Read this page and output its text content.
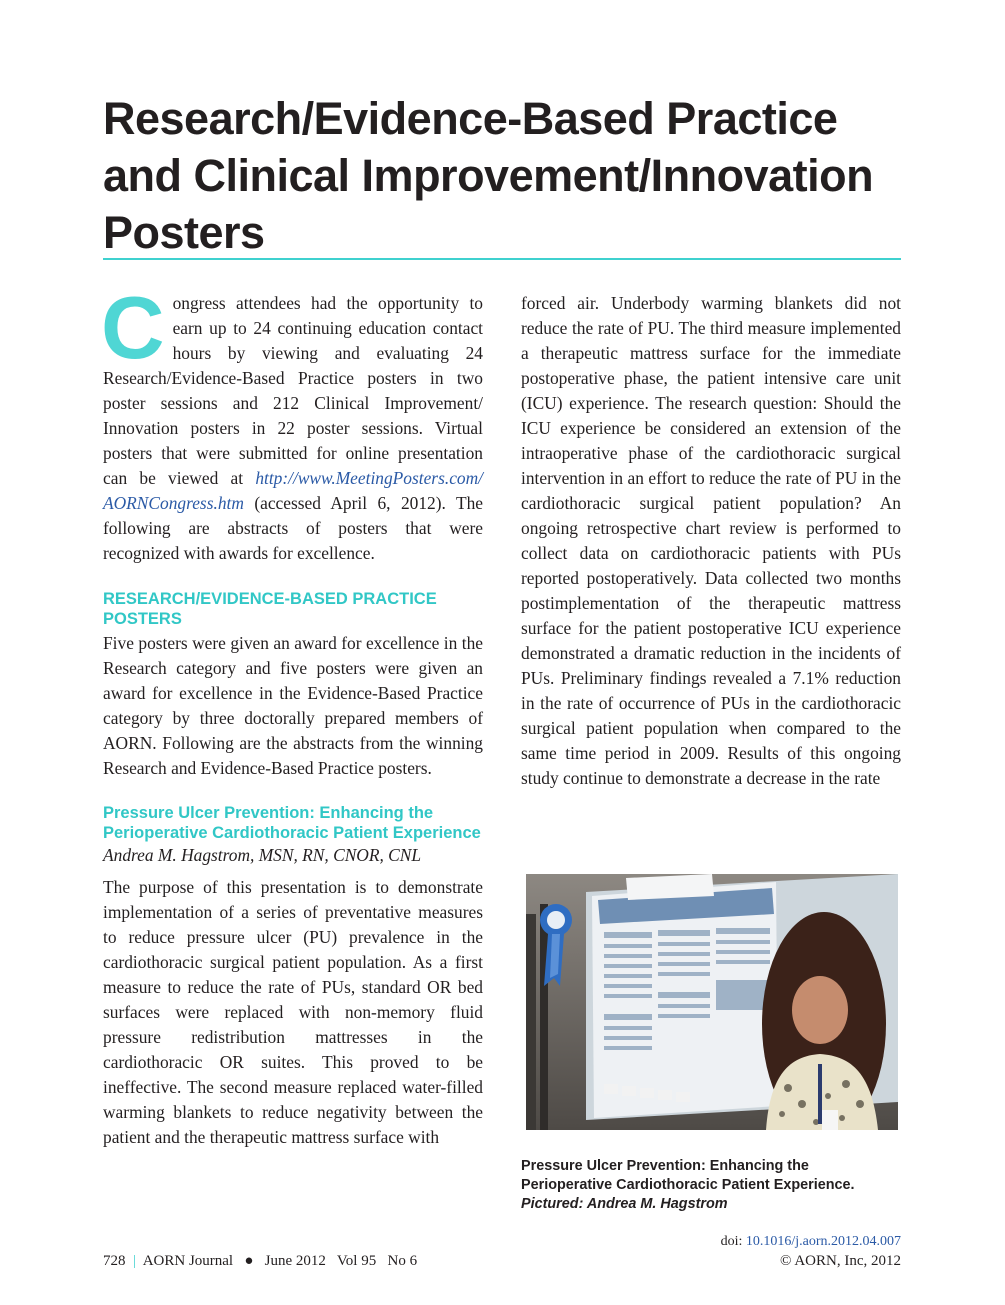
Research/Evidence-Based Practice and Clinical Improvement/Innovation Posters

Congress attendees had the opportunity to earn up to 24 continuing education contact hours by viewing and evaluating 24 Research/Evidence-Based Practice posters in two poster sessions and 212 Clinical Improvement/ Innovation posters in 22 poster sessions. Virtual posters that were submitted for online presentation can be viewed at http://www.MeetingPosters.com/ AORNCongress.htm (accessed April 6, 2012). The following are abstracts of posters that were recognized with awards for excellence.

RESEARCH/EVIDENCE-BASED PRACTICE POSTERS

Five posters were given an award for excellence in the Research category and five posters were given an award for excellence in the Evidence-Based Practice category by three doctorally prepared members of AORN. Following are the abstracts from the winning Research and Evidence-Based Practice posters.

Pressure Ulcer Prevention: Enhancing the Perioperative Cardiothoracic Patient Experience

Andrea M. Hagstrom, MSN, RN, CNOR, CNL

The purpose of this presentation is to demonstrate implementation of a series of preventative measures to reduce pressure ulcer (PU) prevalence in the cardiothoracic surgical patient population. As a first measure to reduce the rate of PUs, standard OR bed surfaces were replaced with non-memory fluid pressure redistribution mattresses in the cardiothoracic OR suites. This proved to be ineffective. The second measure replaced water-filled warming blankets to reduce negativity between the patient and the therapeutic mattress surface with

forced air. Underbody warming blankets did not reduce the rate of PU. The third measure implemented a therapeutic mattress surface for the immediate postoperative phase, the patient intensive care unit (ICU) experience. The research question: Should the ICU experience be considered an extension of the intraoperative phase of the cardiothoracic surgical intervention in an effort to reduce the rate of PU in the cardiothoracic surgical patient population? An ongoing retrospective chart review is performed to collect data on cardiothoracic patients with PUs reported postoperatively. Data collected two months postimplementation of the therapeutic mattress surface for the patient postoperative ICU experience demonstrated a dramatic reduction in the incidents of PUs. Preliminary findings revealed a 7.1% reduction in the rate of occurrence of PUs in the cardiothoracic surgical patient population when compared to the same time period in 2009. Results of this ongoing study continue to demonstrate a decrease in the rate

Pressure Ulcer Prevention: Enhancing the Perioperative Cardiothoracic Patient Experience. Pictured: Andrea M. Hagstrom
doi: 10.1016/j.aorn.2012.04.007
© AORN, Inc, 2012
728  |  AORN Journal   ●   June 2012 Vol 95 No 6
